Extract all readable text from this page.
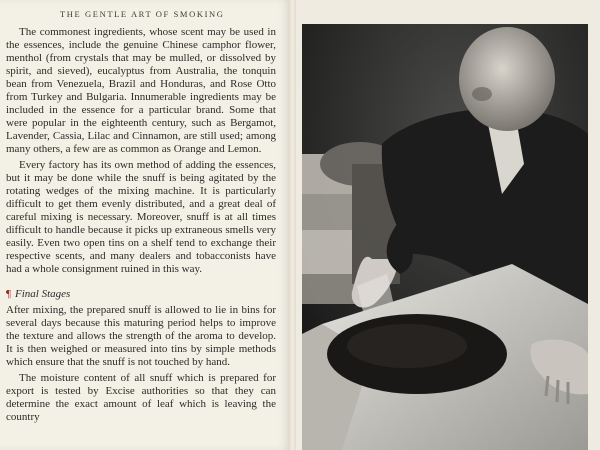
THE GENTLE ART OF SMOKING

The commonest ingredients, whose scent may be used in the essences, include the genuine Chinese camphor flower, menthol (from crystals that may be mulled, or dissolved by spirit, and sieved), eucalyptus from Australia, the tonquin bean from Venezuela, Brazil and Honduras, and Rose Otto from Turkey and Bulgaria. Innumerable ingredients may be included in the essence for a particular brand. Some that were popular in the eighteenth century, such as Bergamot, Lavender, Cassia, Lilac and Cinnamon, are still used; among many others, a few are as common as Orange and Lemon.

Every factory has its own method of adding the essences, but it may be done while the snuff is being agitated by the rotating wedges of the mixing machine. It is particularly difficult to get them evenly distributed, and a great deal of careful mixing is necessary. Moreover, snuff is at all times difficult to handle because it picks up extraneous smells very easily. Even two open tins on a shelf tend to exchange their respective scents, and many dealers and tobacconists have had a whole consignment ruined in this way.

¶ Final Stages

After mixing, the prepared snuff is allowed to lie in bins for several days because this maturing period helps to improve the texture and allows the strength of the aroma to develop. It is then weighed or measured into tins by simple methods which ensure that the snuff is not touched by hand.

The moisture content of all snuff which is prepared for export is tested by Excise authorities so that they can determine the exact amount of leaf which is leaving the country
